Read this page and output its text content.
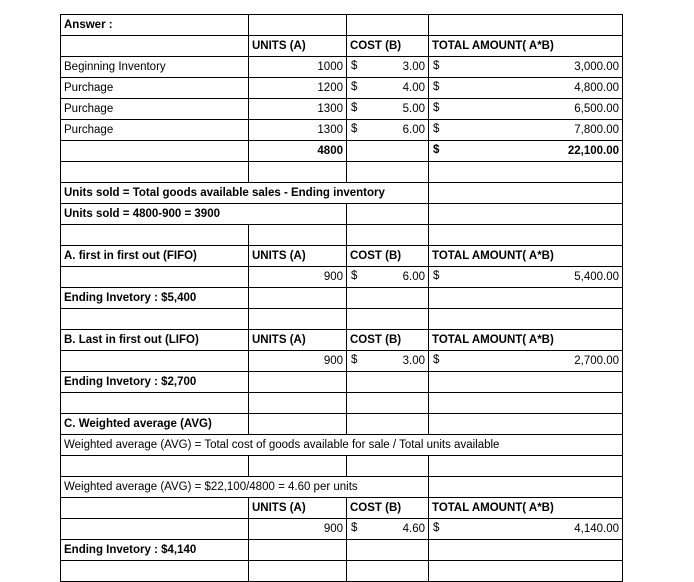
Answer :			
	UNITS (A)	COST (B)	TOTAL AMOUNT( A*B)
Beginning Inventory	1000	$ 3.00	$ 3,000.00

Purchage	1200	$ 4.00	$ 4,800.00

Purchage	1300	$ 5.00	$ 6,500.00

Purchage	1300	$ 6.00	$ 7,800.00

	4800		$ 22,100.00

Units sold = Total goods available sales - Ending inventory			
Units sold = 4800-900 = 3900			

A. first in first out (FIFO)	UNITS (A)	COST (B)	TOTAL AMOUNT( A*B)
	900	$ 6.00	$ 5,400.00

Ending Invetory : $5,400			

B. Last in first out (LIFO)	UNITS (A)	COST (B)	TOTAL AMOUNT( A*B)
	900	$ 3.00	$ 2,700.00

Ending Invetory : $2,700			

C. Weighted average (AVG)			
Weighted average (AVG) = Total cost of goods available for sale / Total units available			

Weighted average (AVG) = $22,100/4800 = 4.60 per units			
	UNITS (A)	COST (B)	TOTAL AMOUNT( A*B)
	900	$ 4.60	$ 4,140.00

Ending Invetory : $4,140			
